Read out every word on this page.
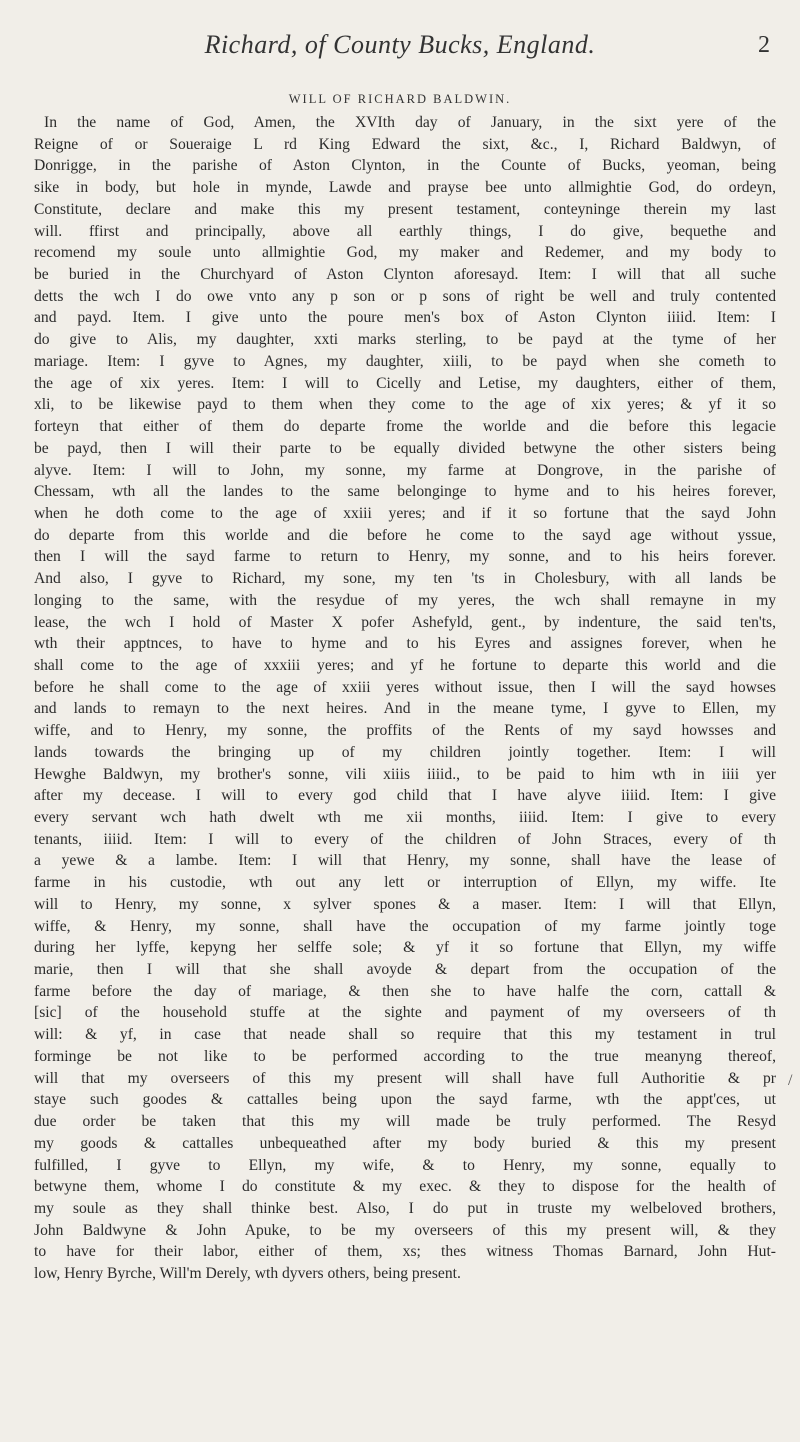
Richard, of County Bucks, England.	2
WILL OF RICHARD BALDWIN.
In the name of God, Amen, the XVIth day of January, in the sixt yere of the
Reigne of or Soueraige L rd King Edward the sixt, &c., I, Richard Baldwyn, of
Donrigge, in the parishe of Aston Clynton, in the Counte of Bucks, yeoman, being
sike in body, but hole in mynde, Lawde and prayse bee unto allmightie God, do ordeyn,
Constitute, declare and make this my present testament, conteyninge therein my last
will. ffirst and principally, above all earthly things, I do give, bequethe and
recomend my soule unto allmightie God, my maker and Redemer, and my body to
be buried in the Churchyard of Aston Clynton aforesayd. Item: I will that all suche
detts the wch I do owe vnto any p son or p sons of right be well and truly contented
and payd. Item. I give unto the poure men's box of Aston Clynton iiiid. Item: I
do give to Alis, my daughter, xxti marks sterling, to be payd at the tyme of her
mariage. Item: I gyve to Agnes, my daughter, xiili, to be payd when she cometh to
the age of xix yeres. Item: I will to Cicelly and Letise, my daughters, either of them,
xli, to be likewise payd to them when they come to the age of xix yeres; & yf it so
forteyn that either of them do departe frome the worlde and die before this legacie
be payd, then I will their parte to be equally divided betwyne the other sisters being
alyve. Item: I will to John, my sonne, my farme at Dongrove, in the parishe of
Chessam, wth all the landes to the same belonginge to hyme and to his heires forever,
when he doth come to the age of xxiii yeres; and if it so fortune that the sayd John
do departe from this worlde and die before he come to the sayd age without yssue,
then I will the sayd farme to return to Henry, my sonne, and to his heirs forever.
And also, I gyve to Richard, my sone, my ten 'ts in Cholesbury, with all lands be
longing to the same, with the resydue of my yeres, the wch shall remayne in my
lease, the wch I hold of Master X pofer Ashefyld, gent., by indenture, the said ten'ts,
wth their apptnces, to have to hyme and to his Eyres and assignes forever, when he
shall come to the age of xxxiii yeres; and yf he fortune to departe this world and die
before he shall come to the age of xxiii yeres without issue, then I will the sayd howses
and lands to remayn to the next heires. And in the meane tyme, I gyve to Ellen, my
wiffe, and to Henry, my sonne, the proffits of the Rents of my sayd howsses and
lands towards the bringing up of my children jointly together. Item: I will
Hewghe Baldwyn, my brother's sonne, vili xiiis iiiid., to be paid to him wth in iiii yer
after my decease. I will to every god child that I have alyve iiiid. Item: I give
every servant wch hath dwelt wth me xii months, iiiid. Item: I give to every
tenants, iiiid. Item: I will to every of the children of John Straces, every of th
a yewe & a lambe. Item: I will that Henry, my sonne, shall have the lease of
farme in his custodie, wth out any lett or interruption of Ellyn, my wiffe. Ite
will to Henry, my sonne, x sylver spones & a maser. Item: I will that Ellyn,
wiffe, & Henry, my sonne, shall have the occupation of my farme jointly toge
during her lyffe, kepyng her selffe sole; & yf it so fortune that Ellyn, my wiffe
marie, then I will that she shall avoyde & depart from the occupation of the
farme before the day of mariage, & then she to have halfe the corn, cattall &
[sic] of the household stuffe at the sighte and payment of my overseers of th
will: & yf, in case that neade shall so require that this my testament in trul
forminge be not like to be performed according to the true meanyng thereof,
will that my overseers of this my present will shall have full Authoritie & pr
staye such goodes & cattalles being upon the sayd farme, wth the appt'ces, ut
due order be taken that this my will made be truly performed. The Resyd
my goods & cattalles unbequeathed after my body buried & this my present
fulfilled, I gyve to Ellyn, my wife, & to Henry, my sonne, equally to
betwyne them, whome I do constitute & my exec. & they to dispose for the health of
my soule as they shall thinke best. Also, I do put in truste my welbeloved brothers,
John Baldwyne & John Apuke, to be my overseers of this my present will, & they
to have for their labor, either of them, xs; thes witness Thomas Barnard, John Hut-
low, Henry Byrche, Will'm Derely, wth dyvers others, being present.
/
